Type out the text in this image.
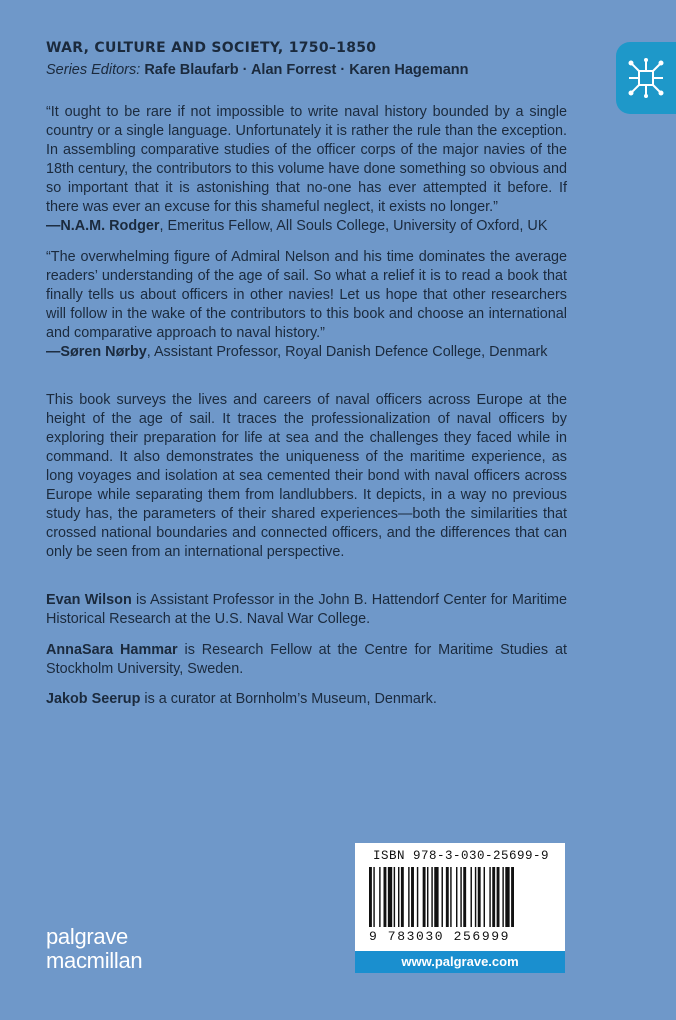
WAR, CULTURE AND SOCIETY, 1750–1850
Series Editors: Rafe Blaufarb · Alan Forrest · Karen Hagemann
“It ought to be rare if not impossible to write naval history bounded by a single country or a single language. Unfortunately it is rather the rule than the exception. In assembling comparative studies of the officer corps of the major navies of the 18th century, the contributors to this volume have done something so obvious and so important that it is astonishing that no-one has ever attempted it before. If there was ever an excuse for this shameful neglect, it exists no longer.”
—N.A.M. Rodger, Emeritus Fellow, All Souls College, University of Oxford, UK
“The overwhelming figure of Admiral Nelson and his time dominates the average readers’ understanding of the age of sail. So what a relief it is to read a book that finally tells us about officers in other navies! Let us hope that other researchers will follow in the wake of the contributors to this book and choose an international and comparative approach to naval history.”
—Søren Nørby, Assistant Professor, Royal Danish Defence College, Denmark
This book surveys the lives and careers of naval officers across Europe at the height of the age of sail. It traces the professionalization of naval officers by exploring their preparation for life at sea and the challenges they faced while in command. It also demonstrates the uniqueness of the maritime experience, as long voyages and isolation at sea cemented their bond with naval officers across Europe while separating them from landlubbers. It depicts, in a way no previous study has, the parameters of their shared experiences—both the similarities that crossed national boundaries and connected officers, and the differences that can only be seen from an international perspective.
Evan Wilson is Assistant Professor in the John B. Hattendorf Center for Maritime Historical Research at the U.S. Naval War College.
AnnaSara Hammar is Research Fellow at the Centre for Maritime Studies at Stockholm University, Sweden.
Jakob Seerup is a curator at Bornholm’s Museum, Denmark.
ISBN 978-3-030-25699-9
9 783030 256999
www.palgrave.com
palgrave
macmillan
